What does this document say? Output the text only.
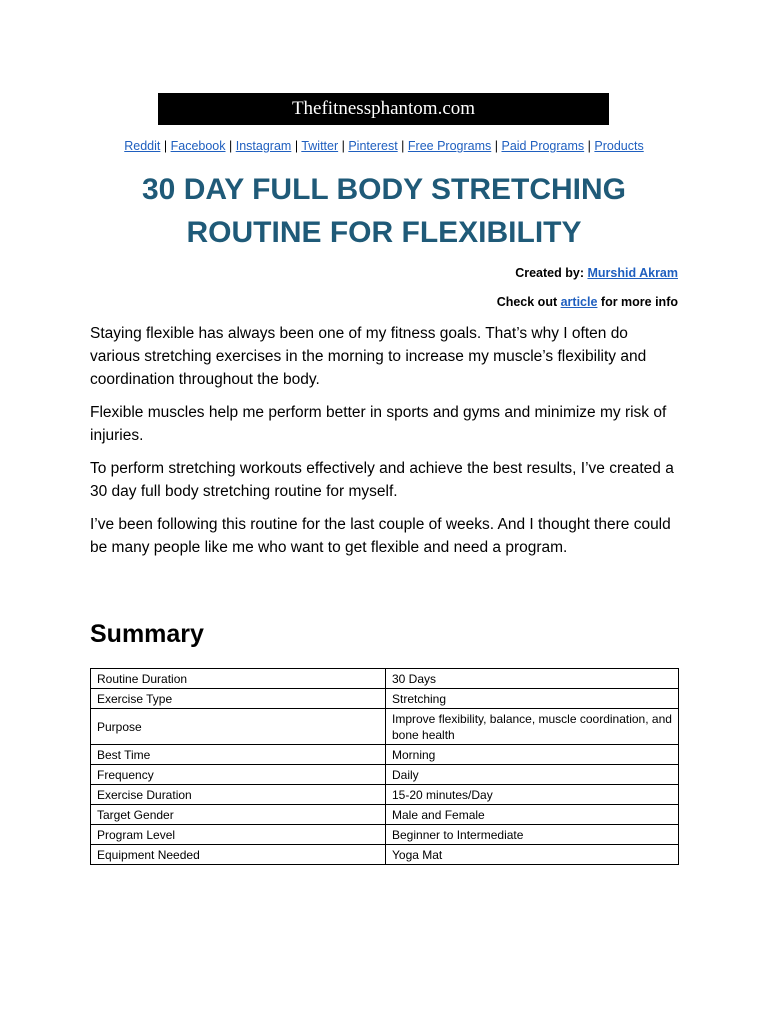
Thefitnessphantom.com
Reddit | Facebook | Instagram | Twitter | Pinterest | Free Programs | Paid Programs | Products
30 DAY FULL BODY STRETCHING
ROUTINE FOR FLEXIBILITY
Created by: Murshid Akram
Check out article for more info

Staying flexible has always been one of my fitness goals. That’s why I often do various stretching exercises in the morning to increase my muscle’s flexibility and coordination throughout the body.

Flexible muscles help me perform better in sports and gyms and minimize my risk of injuries.

To perform stretching workouts effectively and achieve the best results, I’ve created a 30 day full body stretching routine for myself.

I’ve been following this routine for the last couple of weeks. And I thought there could be many people like me who want to get flexible and need a program.

Summary
Routine Duration	30 Days
Exercise Type	Stretching
Purpose	Improve flexibility, balance, muscle coordination, and bone health
Best Time	Morning
Frequency	Daily
Exercise Duration	15-20 minutes/Day
Target Gender	Male and Female
Program Level	Beginner to Intermediate
Equipment Needed	Yoga Mat
